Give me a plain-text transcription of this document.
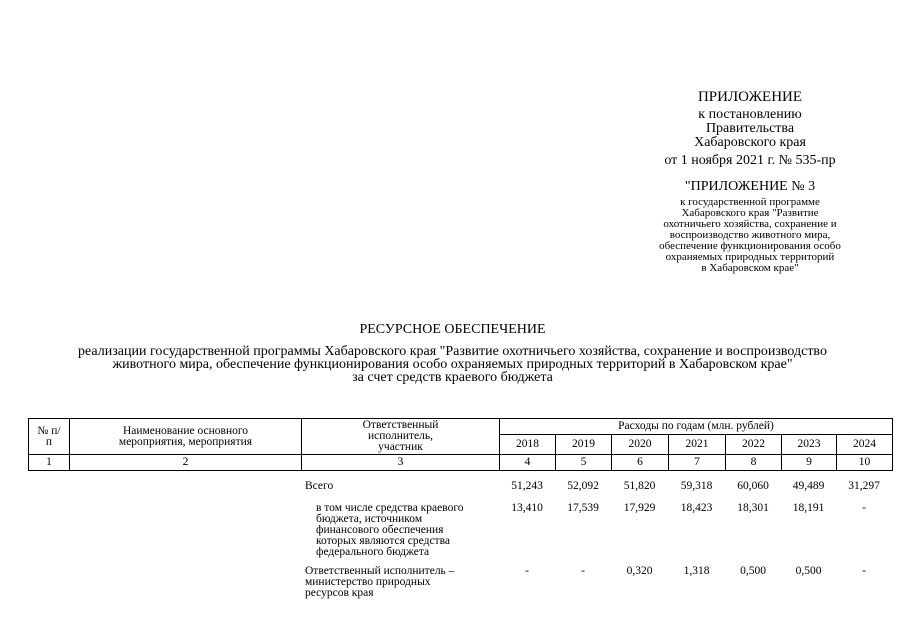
ПРИЛОЖЕНИЕ
к постановлению
Правительства
Хабаровского края
от 1 ноября 2021 г. № 535-пр
"ПРИЛОЖЕНИЕ № 3
к государственной программе
Хабаровского края "Развитие
охотничьего хозяйства, сохранение и
воспроизводство животного мира,
обеспечение функционирования особо
охраняемых природных территорий
в Хабаровском крае"
РЕСУРСНОЕ ОБЕСПЕЧЕНИЕ
реализации государственной программы Хабаровского края "Развитие охотничьего хозяйства, сохранение и воспроизводство
животного мира, обеспечение функционирования особо охраняемых природных территорий в Хабаровском крае"
за счет средств краевого бюджета
№ п/п	Наименование основного мероприятия, мероприятия	Ответственный исполнитель, участник	Расходы по годам (млн. рублей)						
			2018	2019	2020	2021	2022	2023	2024
1	2	3	4	5	6	7	8	9	10
		Всего	51,243	52,092	51,820	59,318	60,060	49,489	31,297
		в том числе средства краевого бюджета, источником финансового обеспечения которых являются средства федерального бюджета	13,410	17,539	17,929	18,423	18,301	18,191	-
		Ответственный исполнитель – министерство природных ресурсов края	-	-	0,320	1,318	0,500	0,500	-
